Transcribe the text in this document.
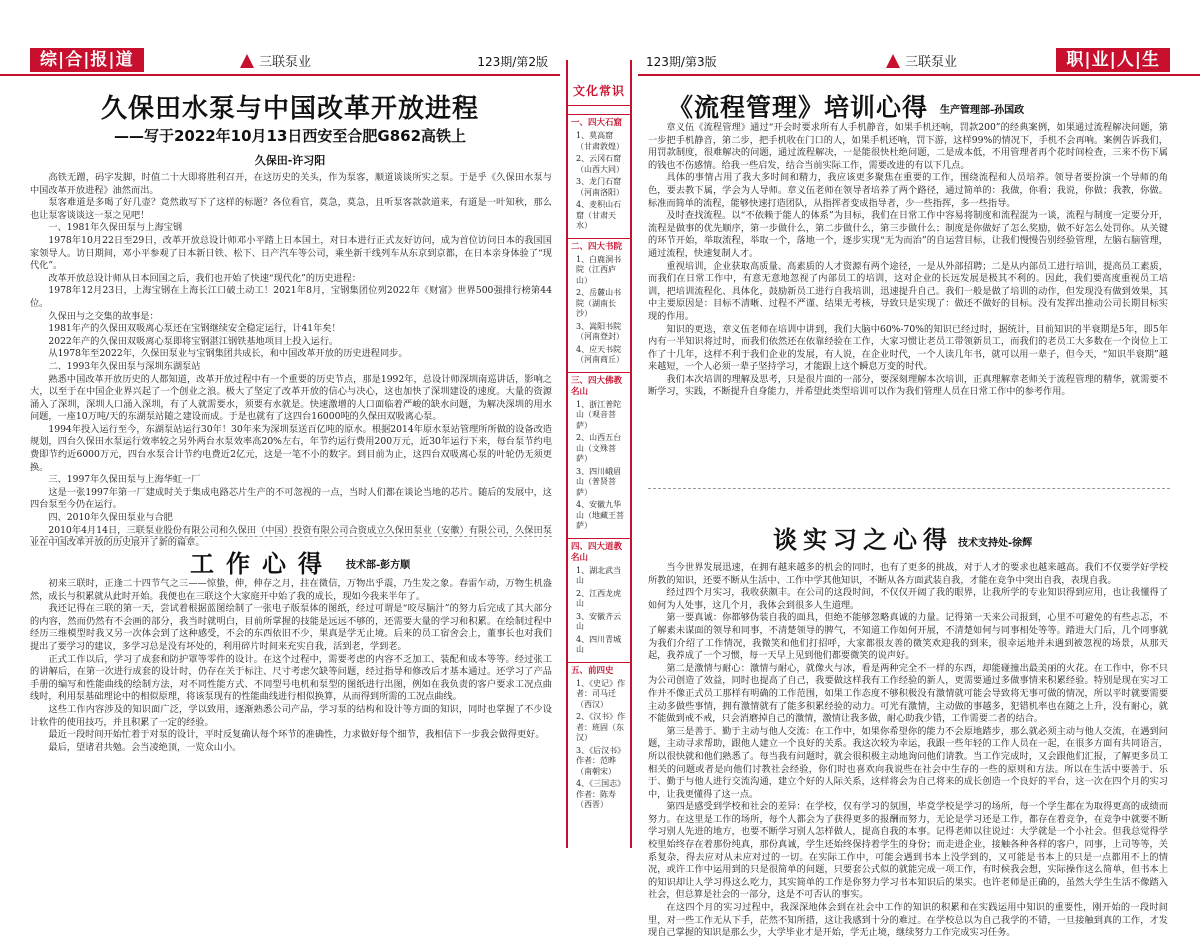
综|合|报|道	三联泵业	123期/第2版
久保田水泵与中国改革开放进程
——写于2022年10月13日西安至合肥G862高铁上
久保田-许习阳

高铁无蹭，码字发脚，时值二十大即将胜利召开，在这历史的关头，作为泵客，顺道谈谈所实之泵。于是乎《久保田水泵与中国改革开放进程》油然而出。

泵客难道是多喝了好几壶？竟然敢写下了这样的标题？各位看官，莫急，莫急，且听泵客款款道来，有道是一叶知秋，那么也让泵客谈谈这一泵之见吧！

一、1981年久保田泵与上海宝钢

1978年10月22日至29日，改革开放总设计师邓小平踏上日本国土，对日本进行正式友好访问，成为首位访问日本的我国国家领导人。访日期间，邓小平参观了日本新日铁、松下、日产汽车等公司，乘坐新干线列车从东京到京都，在日本亲身体验了“现代化”。

改革开放总设计师从日本回国之后，我们也开始了快速“现代化”的历史进程：

1978年12月23日，上海宝钢在上海长江口破土动工！2021年8月，宝钢集团位列2022年《财富》世界500强排行榜第44位。

久保田与之交集的故事是：

1981年产的久保田双吸离心泵还在宝钢继续安全稳定运行，计41年矣！

2022年产的久保田双吸离心泵即将宝钢湛江钢铁基地项目上投入运行。

从1978年至2022年，久保田泵业与宝钢集团共成长，和中国改革开放的历史进程同步。

二、1993年久保田泵与深圳东湖泵站

熟悉中国改革开放历史的人都知道，改革开放过程中有一个重要的历史节点，那是1992年，总设计师深圳南巡讲话，影响之大，以至于在中国企业界兴起了一个创业之浪。极大了坚定了改革开放的信心与决心，这也加快了深圳建设的速度。大量的资源涌入了深圳，深圳人口涌入深圳，有了人就需要水，须要有水就是。快速激增的人口面临着严峻的缺水问题，为解决深圳的用水问题，一座10万吨/天的东湖泵站随之建设而成。于是也就有了这四台16000吨的久保田双吸离心泵。

1994年投入运行至今，东湖泵站运行30年！30年来为深圳泵送百亿吨的原水。根据2014年原水泵站管理所所做的设备改造规划，四台久保田水泵运行效率较之另外两台水泵效率高20%左右，年节约运行费用200万元，近30年运行下来，每台泵节约电费即节约近6000万元，四台水泵合计节约电费近2亿元，这是一笔不小的数字。到目前为止，这四台双吸离心泵的叶轮仍无须更换。

三、1997年久保田泵与上海华虹一厂

这是一张1997年第一厂建成时关于集成电路芯片生产的不可忽视的一点，当时人们都在谈论当地的芯片。随后的发展中，这四台泵至今仍在运行。

四、2010年久保田泵业与合肥

2010年4月14日，三联泵业股份有限公司和久保田（中国）投资有限公司合资成立久保田泵业（安徽）有限公司，久保田泵业在中国改革开放的历史展开了新的篇章。

工作心得 技术部-彭方顺

初来三联时，正逢二十四节气之三——惊蛰，伸，伸存之月，拄在微信，万物出乎震，乃生发之象。春雷乍动，万物生机盎然，成长与积累就从此时开始。我便也在三联这个大家庭开中始了我的成长，现如今我来半年了。

我还记得在三联的第一天，尝试着根据蓝图绘制了一张电子版泵体的图纸，经过可谓是“咬尽脑汁”的努力后完成了其大部分的内容，然而仍然有不会画的部分，我当时就明白，目前所掌握的技能是远远不够的，还需要大量的学习和积累。在绘制过程中经历三维模型时我又另一次体会到了这种感受，不会的东西依旧不少，果真是学无止境。后来的员工宿舍会上，董事长也对我们提出了要学习的建议，多学习总是没有坏处的，利用碎片时间来充实自我，活到老，学到老。

正式工作以后，学习了成套和防护罩等零件的设计。在这个过程中，需要考虑的内容不乏加工、装配和成本等等。经过张工的讲解后，在第一次进行成套的设计时，仍存在关于标注、尺寸考虑欠缺等问题，经过指导和修改后才基本通过。还学习了产品手册的编写和性能曲线的绘制方法，对不同性能方式、不同型号电机和泵型的图纸进行出图，例如在我负责的客户要求工况点曲线时，利用泵基础理论中的相似原理，将该泵现有的性能曲线进行相似换算，从而得到所需的工况点曲线。

这些工作内容涉及的知识面广泛，学以致用，逐渐熟悉公司产品，学习泵的结构和设计等方面的知识，同时也掌握了不少设计软件的使用技巧，并且积累了一定的经验。

最近一段时间开始忙着于对泵的设计，平时反复确认每个环节的准确性，力求做好每个细节，我相信下一步我会做得更好。

最后，望诸君共勉。会当凌绝顶，一览众山小。

文化常识
一、四大石窟
1、莫高窟（甘肃敦煌）
2、云冈石窟（山西大同）
3、龙门石窟（河南洛阳）
4、麦积山石窟（甘肃天水）
二、四大书院
1、白鹿洞书院（江西庐山）
2、岳麓山书院（湖南长沙）
3、嵩阳书院（河南登封）
4、应天书院（河南商丘）
三、四大佛教名山
1、浙江普陀山（观音菩萨）
2、山西五台山（文殊菩萨）
3、四川峨眉山（普贤菩萨）
4、安徽九华山（地藏王菩萨）
四、四大道教名山
1、湖北武当山
2、江西龙虎山
3、安徽齐云山
4、四川青城山
五、前四史
1、《史记》作者：司马迁（西汉）
2、《汉书》作者：班固（东汉）
3、《后汉书》作者：范晔（南朝宋）
4、《三国志》作者：陈寿（西晋）
123期/第3版	三联泵业	职|业|人|生
《流程管理》培训心得 生产管理部-孙国政

章义伍《流程管理》通过“开会时要求所有人手机静音，如果手机还响，罚款200”的经典案例，如果通过流程解决问题，第一步把手机静音，第二步，把手机收在门口的人，如果手机还响，罚下游，这样99%的情况下，手机不会再响。案例告诉我们，用罚款制度，很难解决的问题，通过流程解决，一是能很快杜绝问题，二是成本低，不用管理者再个花时间检查，三来不伤下属的钱也不伤感情。给我一些启发，结合当前实际工作，需要改进的有以下几点。

具体的事情占用了我大多时间和精力，我应该更多聚焦在重要的工作，围绕流程和人员培养。领导者要扮演一个导师的角色，要去教下属，学会为人导师。章义伍老师在领导者培养了两个路径，通过简单的：我做，你看；我说，你做；我教，你做。标准而简单的流程，能够快速打造团队，从指挥者变成指导者，少一些指挥，多一些指导。

及时查找流程。以“不依赖于能人的体系”为目标，我们在日常工作中容易将制度和流程混为一谈，流程与制度一定要分开，流程是做事的优先顺序，第一步做什么，第二步做什么，第三步做什么；制度是你做好了怎么奖励，做不好怎么处罚你。从关键的环节开始，举取流程，举取一个，落地一个，逐步实现“无为而治”的自运营目标，让我们慢慢告别经验管理，左脑右脑管理，通过流程，快速复制人才。

重视培训，企业获取高质量、高素质的人才资源有两个途径，一是从外部招聘；二是从内部员工进行培训，提高员工素质，而我们在日常工作中，有意无意地忽视了内部员工的培训，这对企业的长远发展是极其不利的。因此，我们要高度重视员工培训，把培训流程化、具体化，鼓励新员工进行自我培训，迅速提升自己。我们一般是做了培训的动作，但发现没有做到效果，其中主要原因是：目标不清晰、过程不严谨、结果无考核，导致只是实现了：做还不做好的目标。没有发挥出推动公司长期目标实现的作用。

知识的更迭，章义伍老师在培训中讲到，我们大脑中60%-70%的知识已经过时，据统计，目前知识的半衰期是5年，即5年内有一半知识将过时，而我们依然还在依靠经验在工作，大家习惯让老员工带领新员工，而我们的老员工大多数在一个岗位上工作了十几年，这样不利于我们企业的发展，有人说，在企业时代，一个人读几年书，就可以用一辈子，但今天，“知识半衰期”越来越短，一个人必须一辈子坚持学习，才能跟上这个瞬息万变的时代。

我们本次培训的理解及思考，只是很片面的一部分，要深刻理解本次培训，正真理解章老师关于流程管理的精华，就需要不断学习，实践，不断提升自身能力，并希望此类型培训可以作为我们管理人员在日常工作中的参考作用。

谈实习之心得 技术支持处-徐辉

当今世界发展迅速，在拥有越来越多的机会的同时，也有了更多的挑战，对于人才的要求也越来越高。我们不仅要学好学校所教的知识，还要不断从生活中、工作中学其他知识，不断从各方面武装自我，才能在竞争中突出自我，表现自我。

经过四个月实习，我收获颇丰。在公司的这段时间，不仅仅开阔了我的眼界，让我所学的专业知识得到应用，也让我懂得了如何为人处事，这几个月，我体会到很多人生道理。

第一要真诚：你都够伪装自我的面具，但绝不能够忽略真诚的力量。记得第一天来公司报到，心里不可避免的有些忐忑，不了解素未谋面的领导和同事，不清楚领导的脾气，不知道工作如何开展，不清楚如何与同事相处等等。踏进大门后，几个同事就为我们介绍了工作情况，我微笑和他们打招呼，大家都很友善的微笑欢迎我的到来，很幸运地并未遇到被忽视的场景，从那天起，我养成了一个习惯，每一天早上见到他们都要微笑的说声好。

第二是激情与耐心：激情与耐心，就像火与冰，看是两种完全不一样的东西，却能碰撞出最美丽的火花。在工作中，你不只为公司创造了效益，同时也提高了自己，我要做这样我有工作经验的新人，更需要通过多做事情来积累经验。特别是现在实习工作并不像正式员工那样有明确的工作范围，如果工作态度不够积极没有激情就可能会导致将无事可做的情况，所以平时就要需要主动多做些事情，拥有激情就有了能多积累经验的动力。可光有激情，主动做的事越多，犯错机率也在随之上升，没有耐心，就不能做到戒不戒，只会消磨掉自己的激情，激情让我多做，耐心助我少错，工作需要二者的结合。

第三是善于、勤于主动与他人交流：在工作中，如果你希望你的能力不会原地踏步，那么就必须主动与他人交流，在遇到问题，主动寻求帮助，跟他人建立一个良好的关系。我这次较为幸运，我跟一些年轻的工作人员在一起，在很多方面有共同语言，所以很快就和他们熟悉了。每当我有问题时，就会很积极主动地询问他们请教。当工作完成时，又会跟他们汇报，了解更多员工相关的问题或者是向他们讨教社会经验，你们时也喜欢向我说些在社会中生存的一些的原则和方法。所以在生活中要善于、乐于、勤于与他人进行交流沟通，建立个好的人际关系，这样将会为自己将来的成长创造一个良好的平台，这一次在四个月的实习中，让我更懂得了这一点。

第四是感受到学校和社会的差异：在学校，仅有学习的氛围，毕竟学校是学习的场所，每一个学生都在为取得更高的成绩而努力。在这里是工作的场所，每个人都会为了获得更多的报酬而努力，无论是学习还是工作，都存在着竞争，在竞争中就要不断学习别人先进的地方，也要不断学习别人怎样做人，提高自我的本事。记得老师以往说过：大学就是一个小社会。但我总觉得学校里始终存在着那份纯真，那份真诚，学生还始终保持着学生的身份；而走进企业，接触各种各样的客户，同事，上司等等，关系复杂，得去应对从未应对过的一切。在实际工作中，可能会遇到书本上没学到的，又可能是书本上的只是一点都用不上的情况，或许工作中运用到的只是很简单的问题，只要套公式似的就能完成一项工作，有时候我会想，实际操作这么简单，但书本上的知识却让人学习得这么吃力，其实简单的工作是你努力学习书本知识后的果实。也许老师是正确的，虽然大学生生活不像踏入社会，但总算是社会的一部分，这是不可否认的事实。

在这四个月的实习过程中，我深深地体会到在社会中工作的知识的积累和在实践运用中知识的重要性，刚开始的一段时间里，对一些工作无从下手，茫然不知所措，这让我感到十分的难过。在学校总以为自己我学的不错，一旦接触到真的工作，才发现自己掌握的知识是那么少，大学毕业才是开始，学无止境，继续努力工作完成实习任务。
